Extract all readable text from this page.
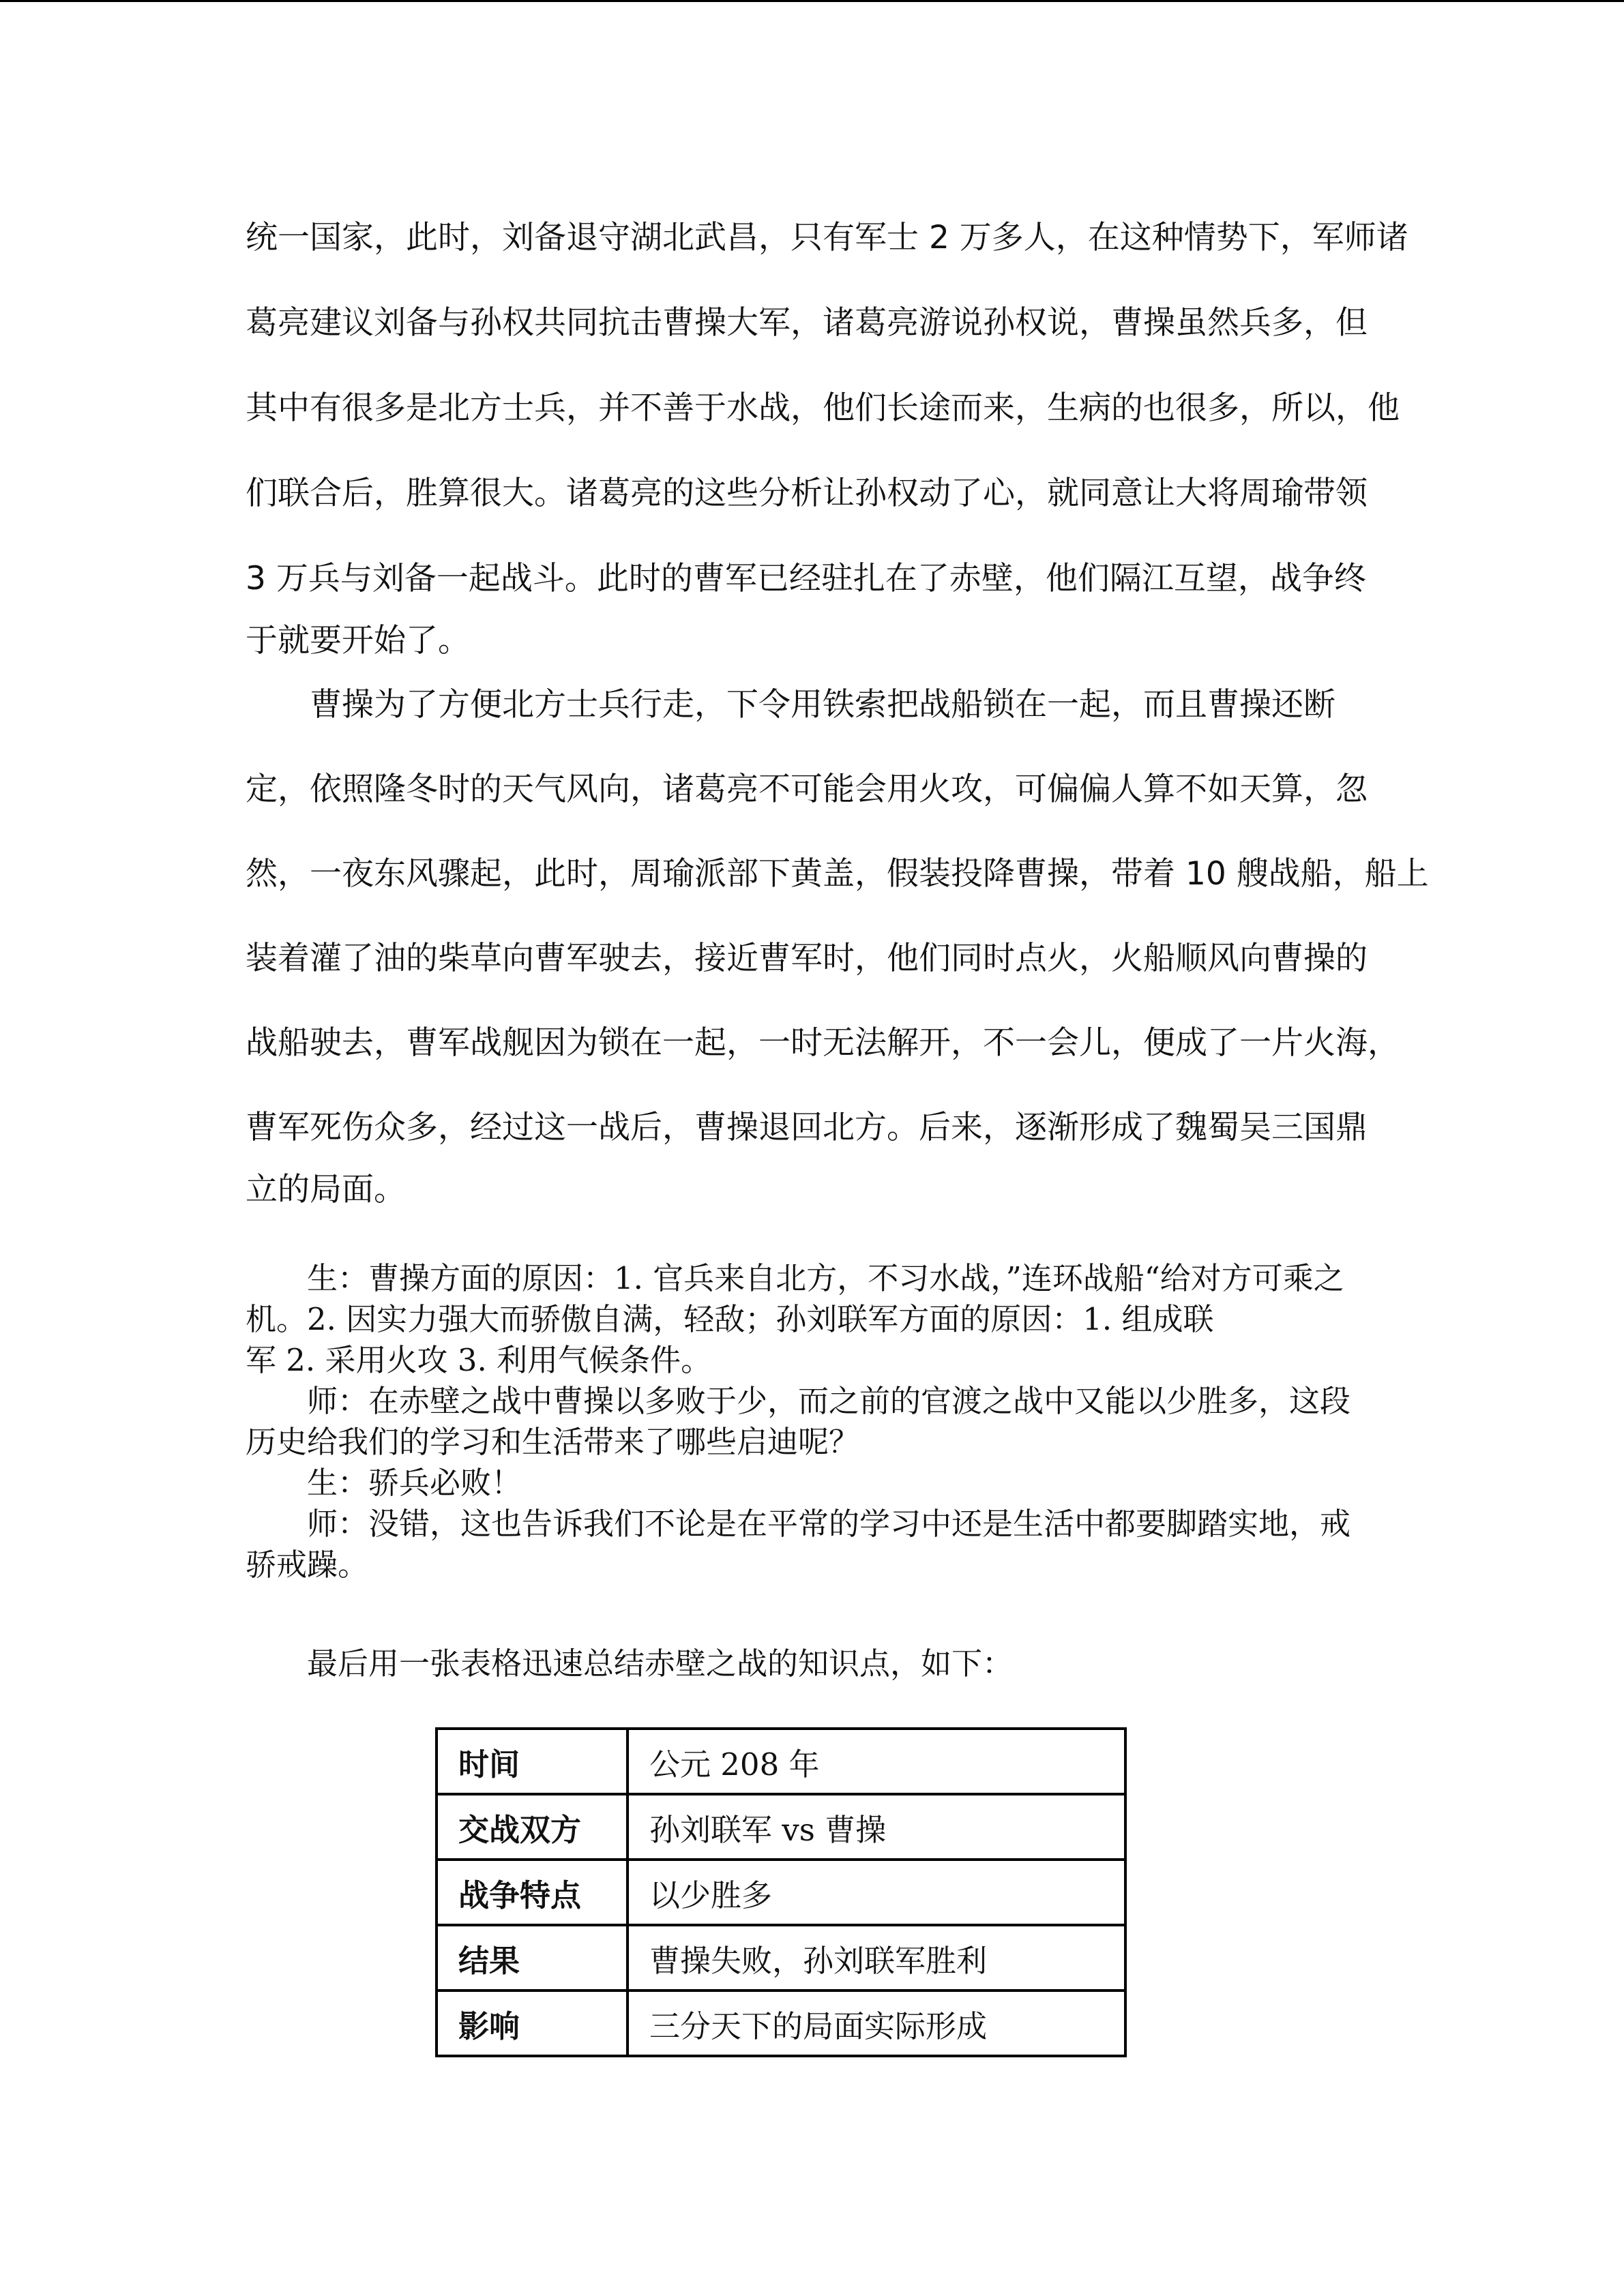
统一国家，此时，刘备退守湖北武昌，只有军士 2 万多人，在这种情势下，军师诸
葛亮建议刘备与孙权共同抗击曹操大军，诸葛亮游说孙权说，曹操虽然兵多，但
其中有很多是北方士兵，并不善于水战，他们长途而来，生病的也很多，所以，他
们联合后，胜算很大。诸葛亮的这些分析让孙权动了心，就同意让大将周瑜带领
3 万兵与刘备一起战斗。此时的曹军已经驻扎在了赤壁，他们隔江互望，战争终
于就要开始了。
　　曹操为了方便北方士兵行走，下令用铁索把战船锁在一起，而且曹操还断
定，依照隆冬时的天气风向，诸葛亮不可能会用火攻，可偏偏人算不如天算，忽
然，一夜东风骤起，此时，周瑜派部下黄盖，假装投降曹操，带着 10 艘战船，船上
装着灌了油的柴草向曹军驶去，接近曹军时，他们同时点火，火船顺风向曹操的
战船驶去，曹军战舰因为锁在一起，一时无法解开，不一会儿，便成了一片火海，
曹军死伤众多，经过这一战后，曹操退回北方。后来，逐渐形成了魏蜀吴三国鼎
立的局面。

生：曹操方面的原因：1. 官兵来自北方，不习水战，”连环战船“给对方可乘之机。2. 因实力强大而骄傲自满，轻敌；孙刘联军方面的原因：1. 组成联

军 2. 采用火攻 3. 利用气候条件。

师：在赤壁之战中曹操以多败于少，而之前的官渡之战中又能以少胜多，这段历史给我们的学习和生活带来了哪些启迪呢？

生：骄兵必败！

师：没错，这也告诉我们不论是在平常的学习中还是生活中都要脚踏实地，戒骄戒躁。

最后用一张表格迅速总结赤壁之战的知识点，如下：
时间	公元 208 年
交战双方	孙刘联军 vs 曹操
战争特点	以少胜多
结果	曹操失败，孙刘联军胜利
影响	三分天下的局面实际形成
